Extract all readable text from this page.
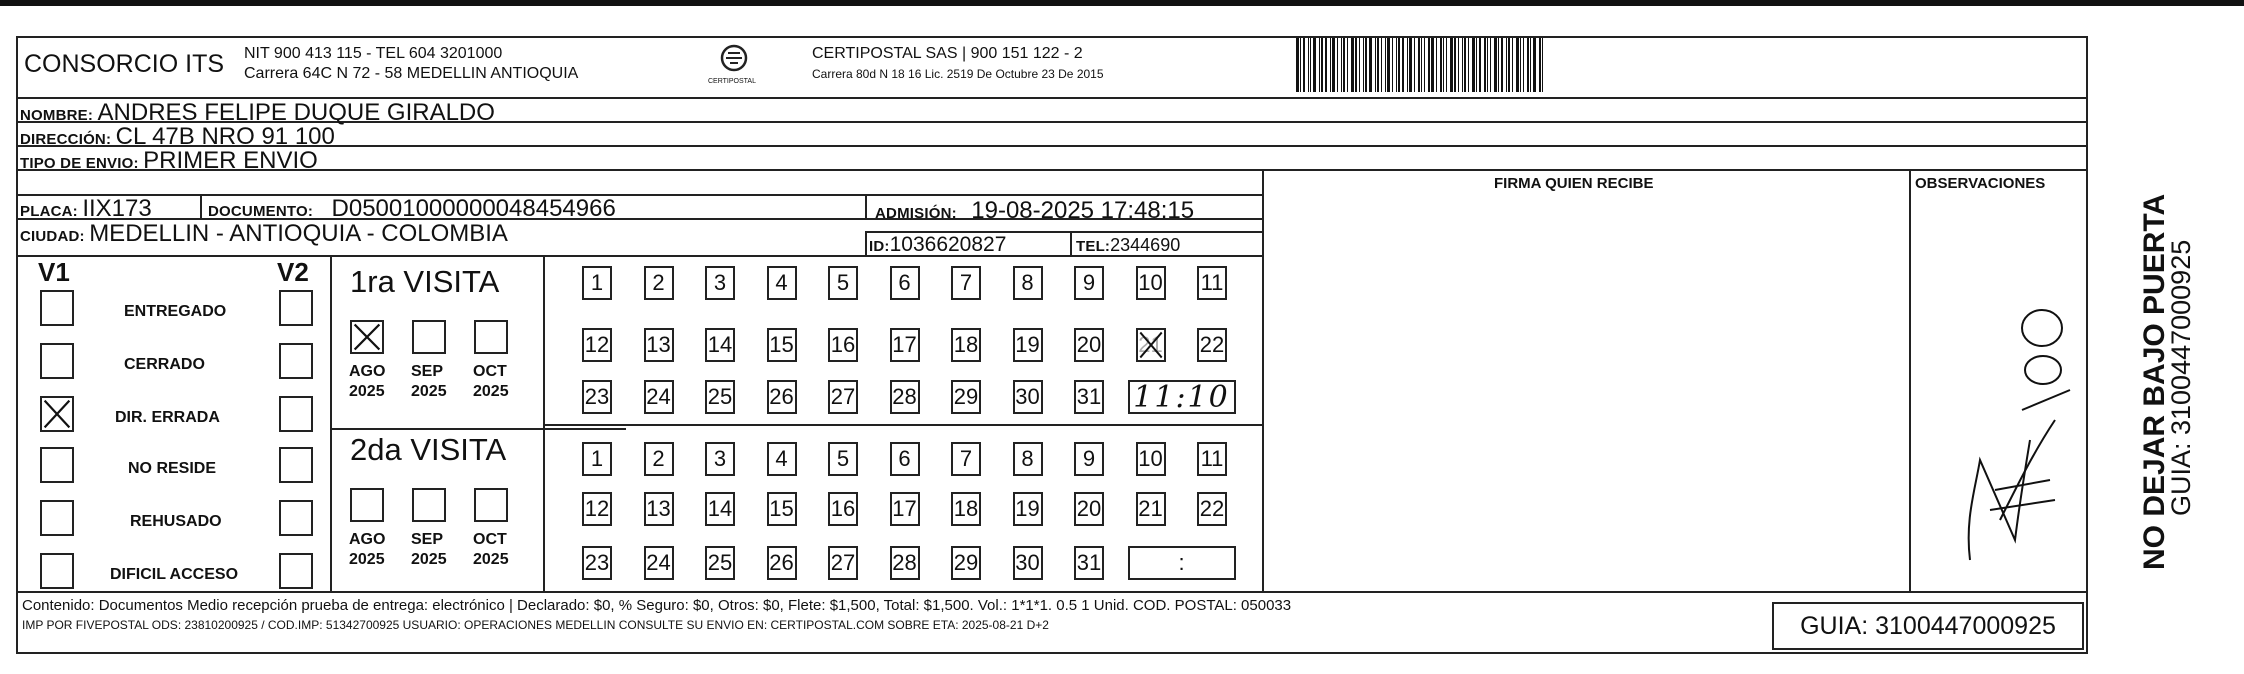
CONSORCIO ITS NIT 900 413 115 - TEL 604 3201000
Carrera 64C N 72 - 58 MEDELLIN ANTIOQUIA	CERTIPOSTAL
CERTIPOSTAL SAS | 900 151 122 - 2
Carrera 80d N 18 16 Lic. 2519 De Octubre 23 De 2015
NOMBRE: ANDRES FELIPE DUQUE GIRALDO
DIRECCIÓN: CL 47B NRO 91 100
TIPO DE ENVIO: PRIMER ENVIO
PLACA: IIX173	DOCUMENTO: D05001000000048454966	ADMISIÓN: 19-08-2025 17:48:15
CIUDAD: MEDELLIN - ANTIOQUIA - COLOMBIA	ID:1036620827	TEL:2344690
FIRMA QUIEN RECIBE	OBSERVACIONES
V1	V2
ENTREGADO
CERRADO
DIR. ERRADA
NO RESIDE
REHUSADO
DIFICIL ACCESO
1ra VISITA
2da VISITA
AGO
2025
SEP
2025
OCT
2025
AGO
2025
SEP
2025
OCT
2025
1	2	3	4	5	6	7	8	9	10 11
12 13 14 15 16 17 18 19 20 21 22
23 24 25 26 27 28 29 30 31 11:10
1	2	3	4	5	6	7	8	9	10 11
12 13 14 15 16 17 18 19 20 21 22
23 24 25 26 27 28 29 30 31	:
Contenido: Documentos Medio recepción prueba de entrega: electrónico | Declarado: $0, % Seguro: $0, Otros: $0, Flete: $1,500, Total: $1,500. Vol.: 1*1*1. 0.5 1 Unid. COD. POSTAL: 050033
IMP POR FIVEPOSTAL ODS: 23810200925 / COD.IMP: 51342700925 USUARIO: OPERACIONES MEDELLIN CONSULTE SU ENVIO EN: CERTIPOSTAL.COM SOBRE ETA: 2025-08-21 D+2	GUIA: 3100447000925
NO DEJAR BAJO PUERTA
GUIA: 3100447000925
